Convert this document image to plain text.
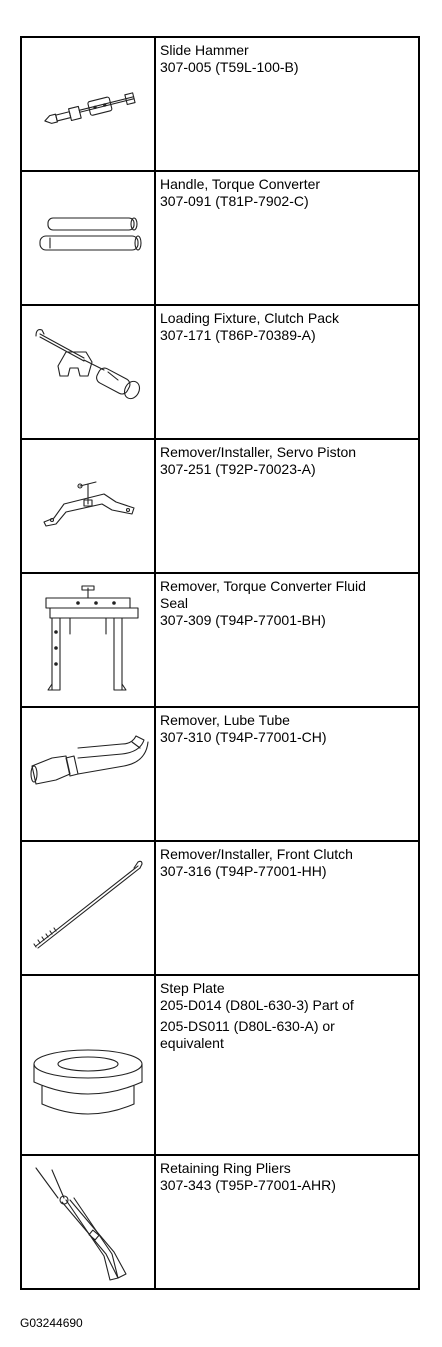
Slide Hammer
307-005 (T59L-100-B)

Handle, Torque Converter
307-091 (T81P-7902-C)

Loading Fixture, Clutch Pack
307-171 (T86P-70389-A)

Remover/Installer, Servo Piston
307-251 (T92P-70023-A)

Remover, Torque Converter Fluid
Seal
307-309 (T94P-77001-BH)

Remover, Lube Tube
307-310 (T94P-77001-CH)

Remover/Installer, Front Clutch
307-316 (T94P-77001-HH)

Step Plate
205-D014 (D80L-630-3) Part of
205-DS011 (D80L-630-A) or
equivalent

Retaining Ring Pliers
307-343 (T95P-77001-AHR)
G03244690
